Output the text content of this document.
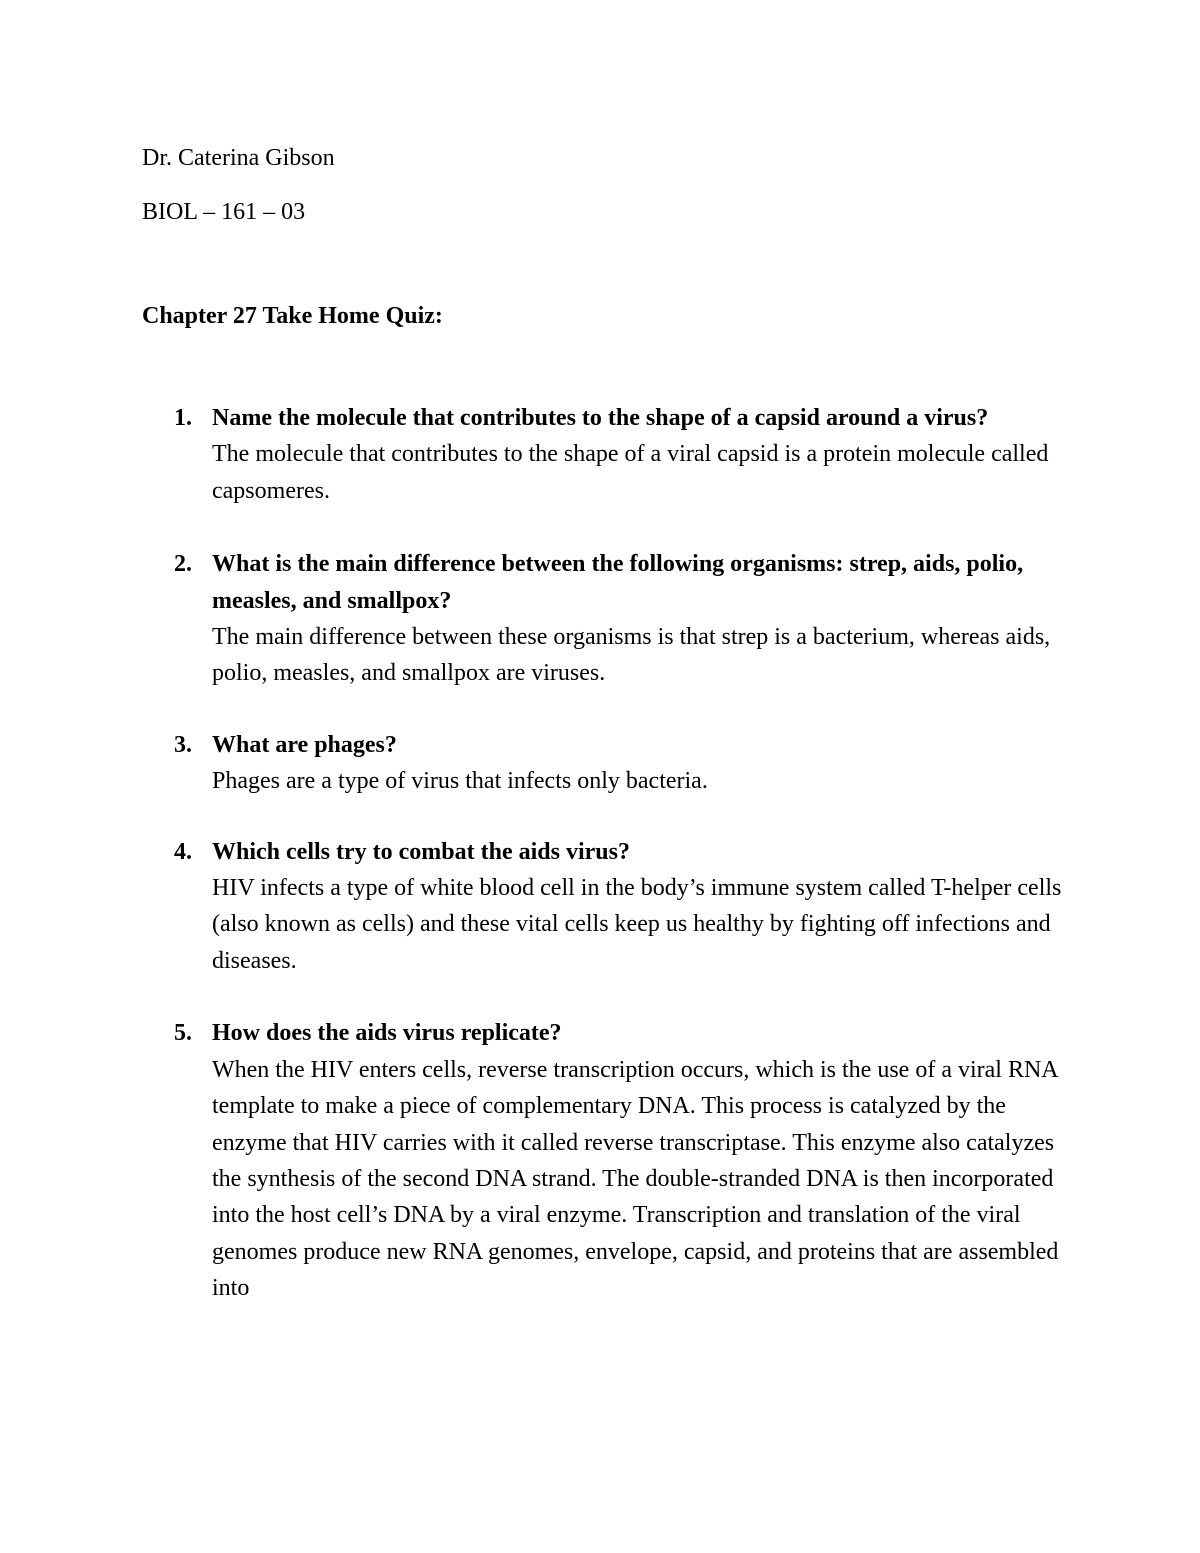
Dr. Caterina Gibson
BIOL – 161 – 03
Chapter 27 Take Home Quiz:
1. Name the molecule that contributes to the shape of a capsid around a virus?
The molecule that contributes to the shape of a viral capsid is a protein molecule called capsomeres.
2. What is the main difference between the following organisms: strep, aids, polio, measles, and smallpox?
The main difference between these organisms is that strep is a bacterium, whereas aids, polio, measles, and smallpox are viruses.
3. What are phages?
Phages are a type of virus that infects only bacteria.
4. Which cells try to combat the aids virus?
HIV infects a type of white blood cell in the body’s immune system called T-helper cells (also known as cells) and these vital cells keep us healthy by fighting off infections and diseases.
5. How does the aids virus replicate?
When the HIV enters cells, reverse transcription occurs, which is the use of a viral RNA template to make a piece of complementary DNA. This process is catalyzed by the enzyme that HIV carries with it called reverse transcriptase. This enzyme also catalyzes the synthesis of the second DNA strand. The double-stranded DNA is then incorporated into the host cell’s DNA by a viral enzyme. Transcription and translation of the viral genomes produce new RNA genomes, envelope, capsid, and proteins that are assembled into
